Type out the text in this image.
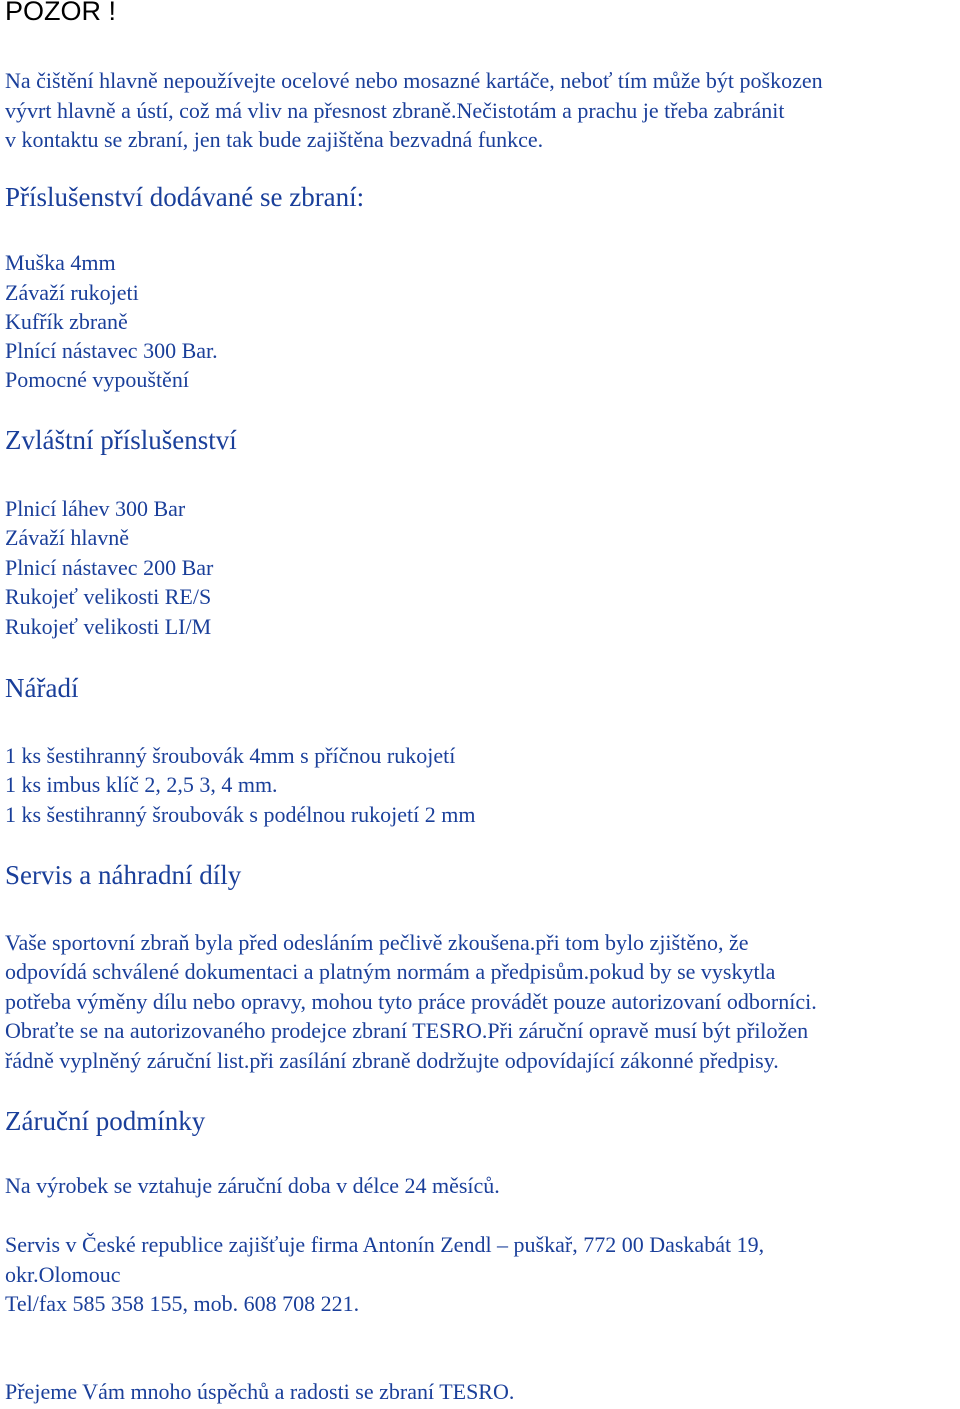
POZOR !
Na čištění hlavně nepoužívejte ocelové nebo mosazné kartáče, neboť tím může být poškozen
vývrt hlavně a ústí, což má vliv na přesnost zbraně.Nečistotám a prachu je třeba zabránit
v kontaktu se zbraní, jen tak bude zajištěna bezvadná funkce.
Příslušenství dodávané se zbraní:
Muška 4mm
Závaží rukojeti
Kufřík zbraně
Plnící nástavec 300 Bar.
Pomocné vypouštění
Zvláštní příslušenství
Plnicí láhev 300 Bar
Závaží hlavně
Plnicí nástavec 200 Bar
Rukojeť velikosti RE/S
Rukojeť velikosti LI/M
Nářadí
1 ks šestihranný šroubovák 4mm s příčnou rukojetí
1 ks imbus klíč 2, 2,5 3, 4 mm.
1 ks šestihranný šroubovák s podélnou rukojetí 2 mm
Servis a náhradní díly
Vaše sportovní zbraň byla před odesláním pečlivě zkoušena.při tom bylo zjištěno, že
odpovídá schválené dokumentaci a platným normám a předpisům.pokud by se vyskytla
potřeba výměny dílu nebo opravy, mohou tyto práce provádět pouze autorizovaní odborníci.
Obraťte se na autorizovaného prodejce zbraní TESRO.Při záruční opravě musí být přiložen
řádně vyplněný záruční list.při zasílání zbraně dodržujte odpovídající zákonné předpisy.
Záruční podmínky
Na výrobek se vztahuje záruční doba v délce 24 měsíců.
Servis v České republice zajišťuje firma Antonín Zendl – puškař, 772 00 Daskabát 19,
okr.Olomouc
Tel/fax 585 358 155, mob. 608 708 221.
Přejeme Vám mnoho úspěchů a radosti se zbraní TESRO.
